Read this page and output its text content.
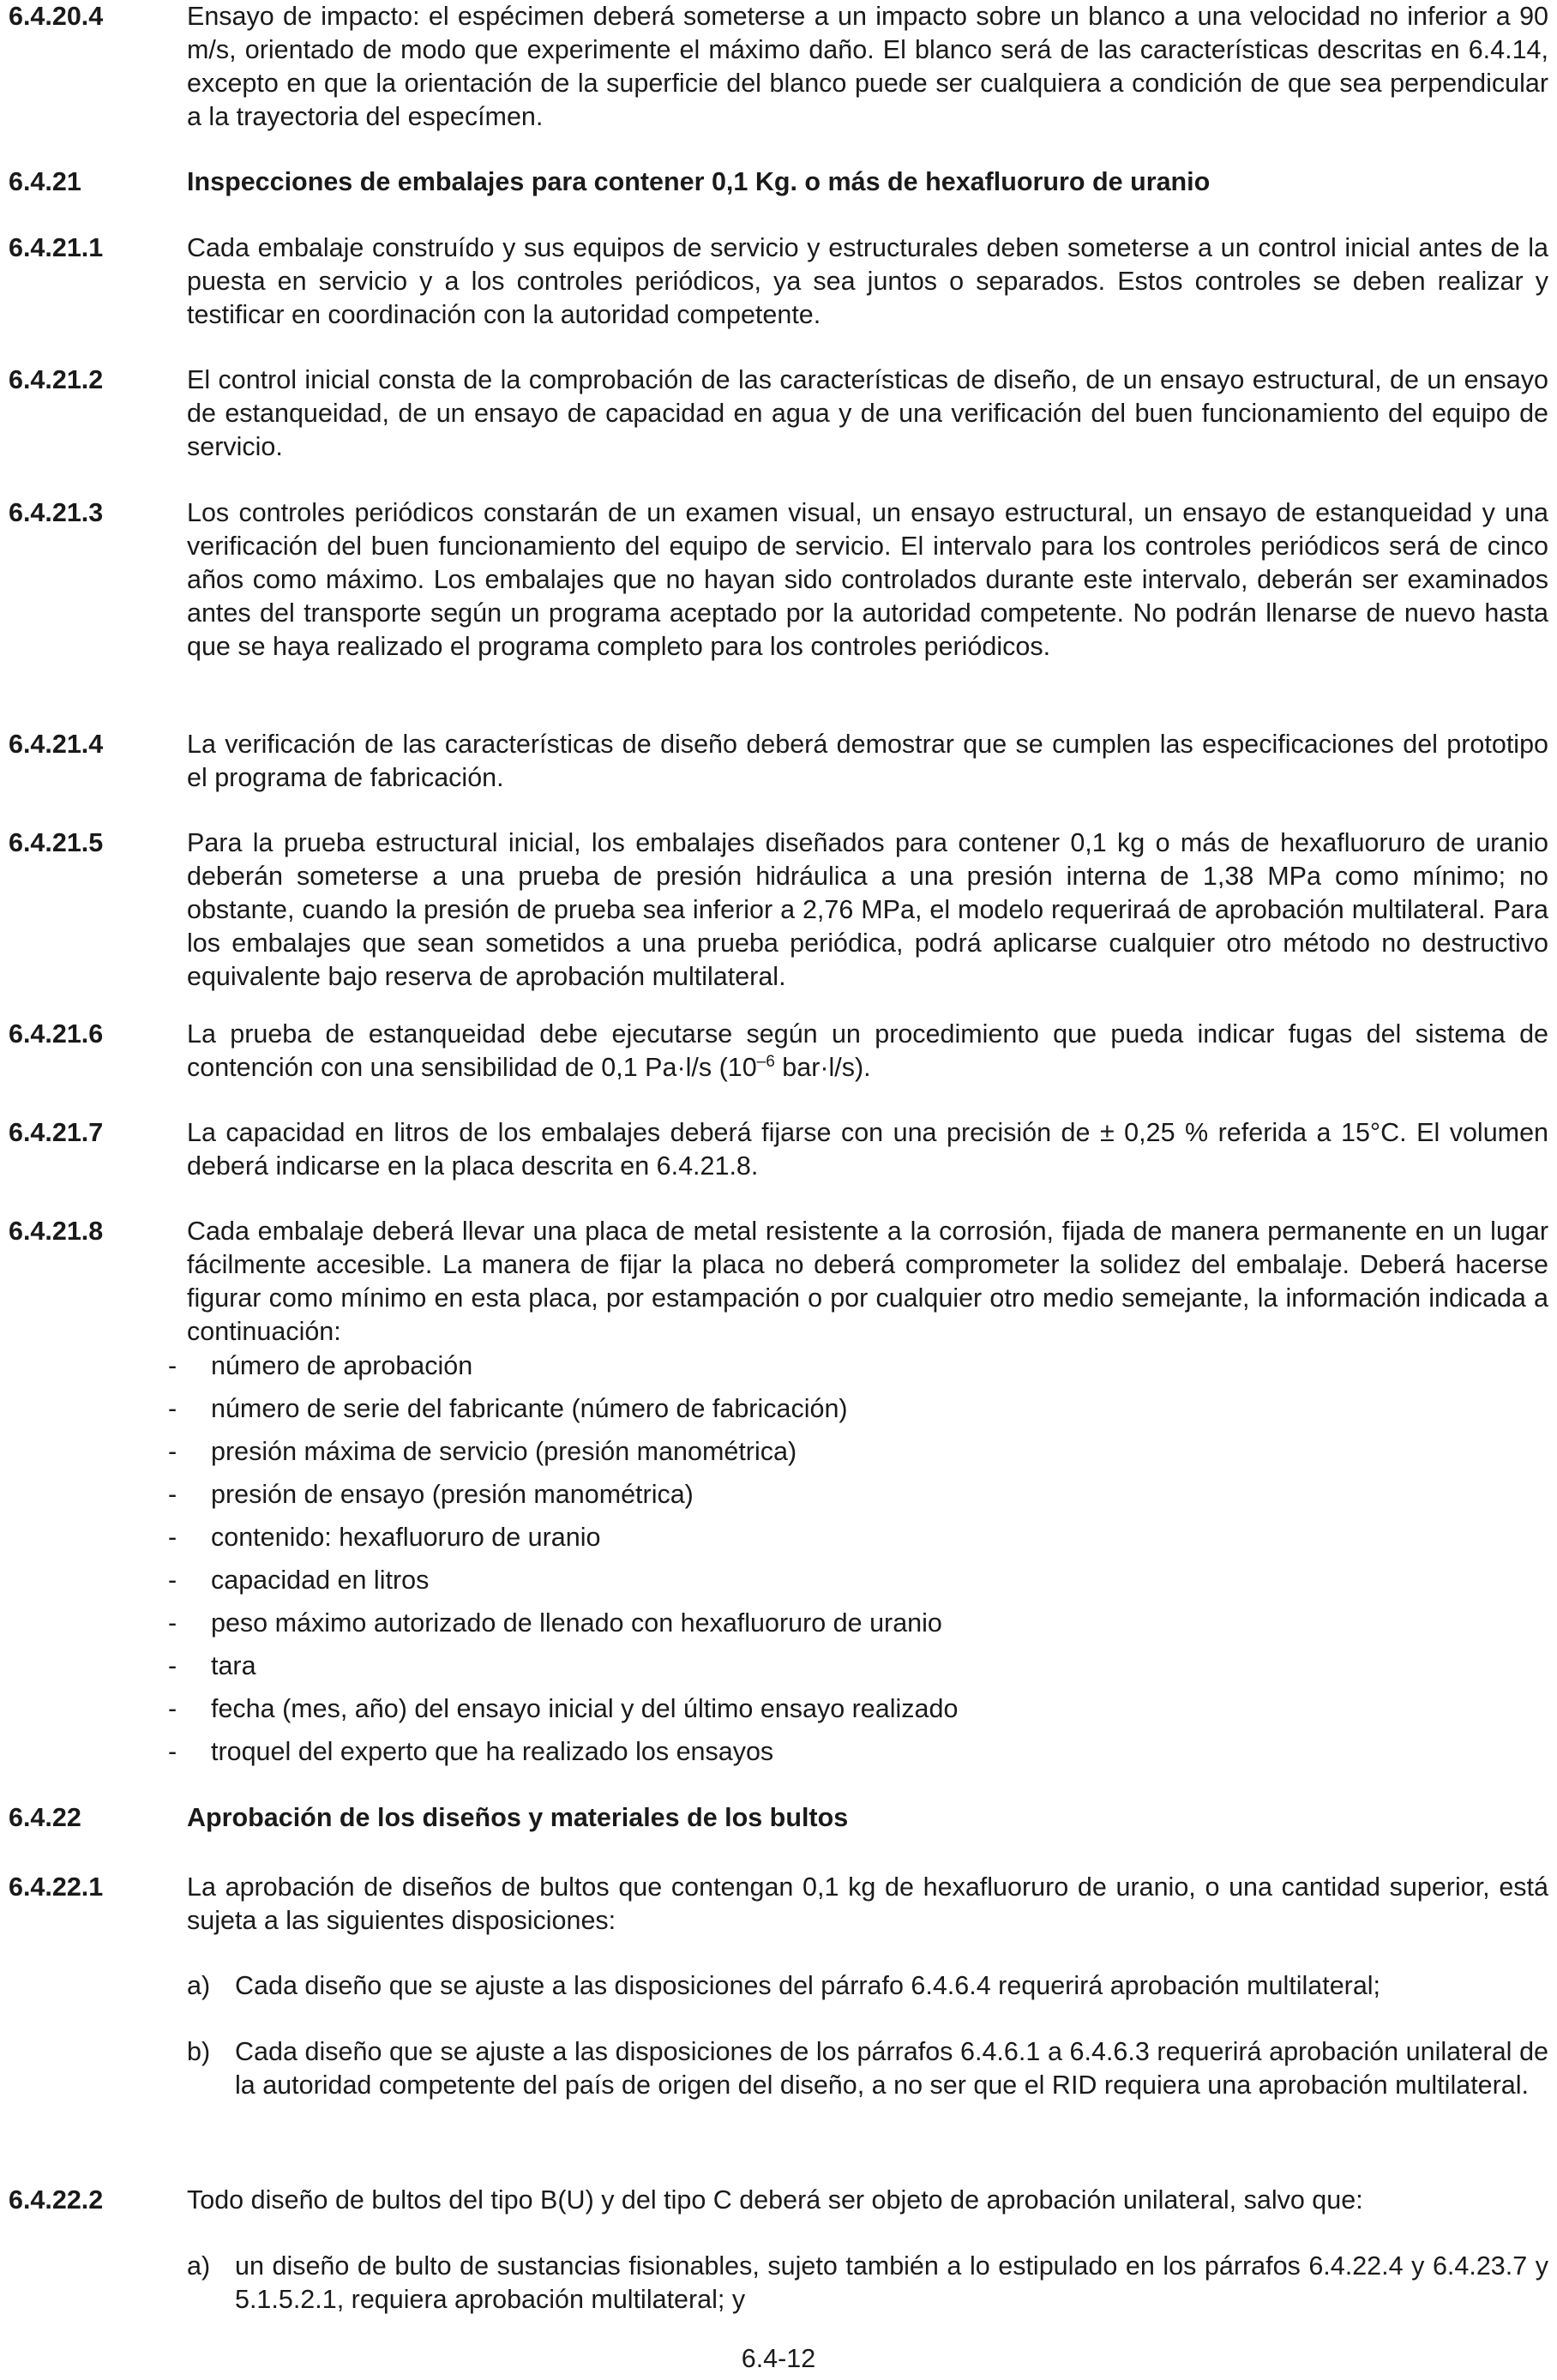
6.4.20.4	Ensayo de impacto: el espécimen deberá someterse a un impacto sobre un blanco a una velocidad no inferior a 90 m/s, orientado de modo que experimente el máximo daño. El blanco será de las características descritas en 6.4.14, excepto en que la orientación de la superficie del blanco puede ser cualquiera a condición de que sea perpendicular a la trayectoria del especímen.
6.4.21	Inspecciones de embalajes para contener 0,1 Kg. o más de hexafluoruro de uranio
6.4.21.1	Cada embalaje construído y sus equipos de servicio y estructurales deben someterse a un control inicial antes de la puesta en servicio y a los controles periódicos, ya sea juntos o separados. Estos controles se deben realizar y testificar en coordinación con la autoridad competente.
6.4.21.2	El control inicial consta de la comprobación de las características de diseño, de un ensayo estructural, de un ensayo de estanqueidad, de un ensayo de capacidad en agua y de una verificación del buen funcionamiento del equipo de servicio.
6.4.21.3	Los controles periódicos constarán de un examen visual, un ensayo estructural, un ensayo de estanqueidad y una verificación del buen funcionamiento del equipo de servicio. El intervalo para los controles periódicos será de cinco años como máximo. Los embalajes que no hayan sido controlados durante este intervalo, deberán ser examinados antes del transporte según un programa aceptado por la autoridad competente. No podrán llenarse de nuevo hasta que se haya realizado el programa completo para los controles periódicos.
6.4.21.4	La verificación de las características de diseño deberá demostrar que se cumplen las especificaciones del prototipo el programa de fabricación.
6.4.21.5	Para la prueba estructural inicial, los embalajes diseñados para contener 0,1 kg o más de hexafluoruro de uranio deberán someterse a una prueba de presión hidráulica a una presión interna de 1,38 MPa como mínimo; no obstante, cuando la presión de prueba sea inferior a 2,76 MPa, el modelo requeriraá de aprobación multilateral. Para los embalajes que sean sometidos a una prueba periódica, podrá aplicarse cualquier otro método no destructivo equivalente bajo reserva de aprobación multilateral.
6.4.21.6	La prueba de estanqueidad debe ejecutarse según un procedimiento que pueda indicar fugas del sistema de contención con una sensibilidad de 0,1 Pa·l/s ($10^{-6}$ bar·l/s).
6.4.21.7	La capacidad en litros de los embalajes deberá fijarse con una precisión de ± 0,25 % referida a 15°C. El volumen deberá indicarse en la placa descrita en 6.4.21.8.
6.4.21.8	Cada embalaje deberá llevar una placa de metal resistente a la corrosión, fijada de manera permanente en un lugar fácilmente accesible. La manera de fijar la placa no deberá comprometer la solidez del embalaje. Deberá hacerse figurar como mínimo en esta placa, por estampación o por cualquier otro medio semejante, la información indicada a continuación:
- número de aprobación
- número de serie del fabricante (número de fabricación)
- presión máxima de servicio (presión manométrica)
- presión de ensayo (presión manométrica)
- contenido: hexafluoruro de uranio
- capacidad en litros
- peso máximo autorizado de llenado con hexafluoruro de uranio
- tara
- fecha (mes, año) del ensayo inicial y del último ensayo realizado
- troquel del experto que ha realizado los ensayos
6.4.22	Aprobación de los diseños y materiales de los bultos
6.4.22.1	La aprobación de diseños de bultos que contengan 0,1 kg de hexafluoruro de uranio, o una cantidad superior, está sujeta a las siguientes disposiciones:
a) Cada diseño que se ajuste a las disposiciones del párrafo 6.4.6.4 requerirá aprobación multilateral;
b) Cada diseño que se ajuste a las disposiciones de los párrafos 6.4.6.1 a 6.4.6.3 requerirá aprobación unilateral de la autoridad competente del país de origen del diseño, a no ser que el RID requiera una aprobación multilateral.
6.4.22.2	Todo diseño de bultos del tipo B(U) y del tipo C deberá ser objeto de aprobación unilateral, salvo que:
a) un diseño de bulto de sustancias fisionables, sujeto también a lo estipulado en los párrafos 6.4.22.4 y 6.4.23.7 y 5.1.5.2.1, requiera aprobación multilateral; y
6.4-12
